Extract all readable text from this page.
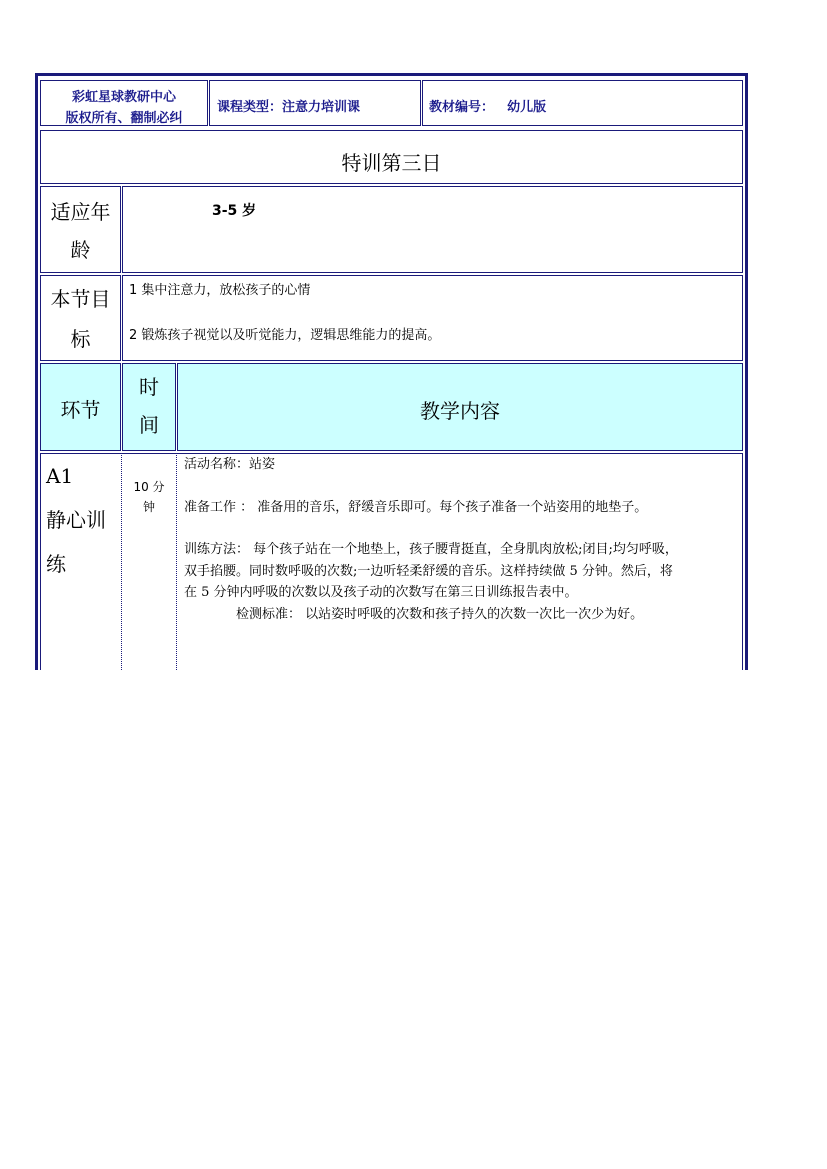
彩虹星球教研中心
版权所有、翻制必纠
课程类型：注意力培训课	教材编号： 幼儿版
特训第三日
适应年
龄
3-5 岁
本节目
标
1 集中注意力，放松孩子的心情
2 锻炼孩子视觉以及听觉能力，逻辑思维能力的提高。
环节
时
间
教学内容
A1
静心训
练
10 分
钟
活动名称：站姿
准备工作 ： 准备用的音乐，舒缓音乐即可。每个孩子准备一个站姿用的地垫子。
训练方法： 每个孩子站在一个地垫上，孩子腰背挺直，全身肌肉放松;闭目;均匀呼吸，
双手掐腰。同时数呼吸的次数;一边听轻柔舒缓的音乐。这样持续做 5 分钟。然后，将
在 5 分钟内呼吸的次数以及孩子动的次数写在第三日训练报告表中。
检测标准： 以站姿时呼吸的次数和孩子持久的次数一次比一次少为好。
